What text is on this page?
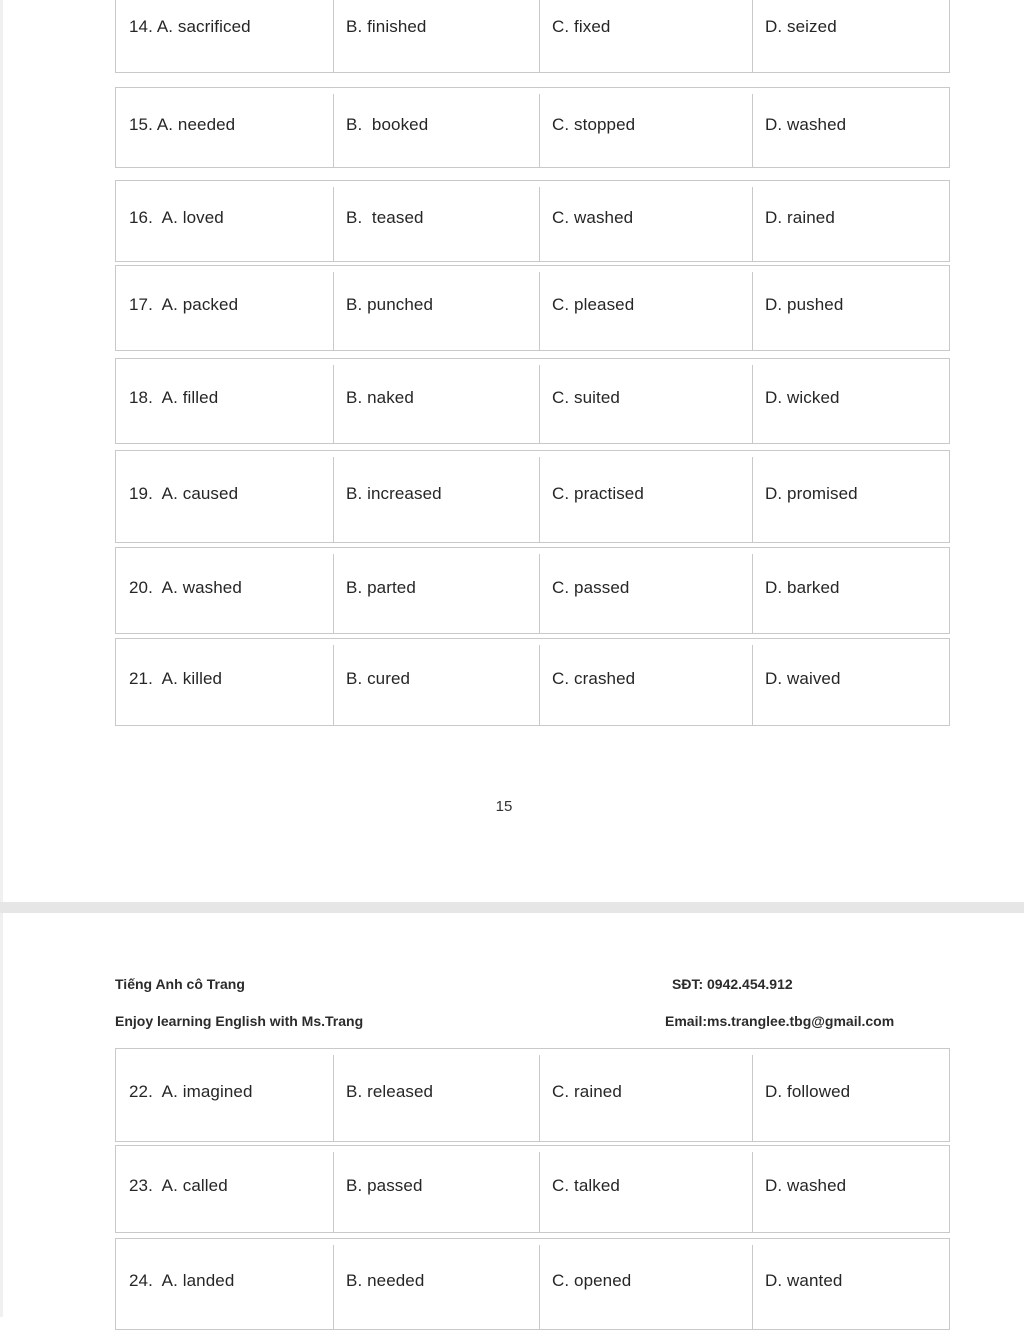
14. A. sacrificed	B. finished	C. fixed	D. seized
15. A. needed	B.  booked	C. stopped	D. washed
16.  A. loved	B.  teased	C. washed	D. rained
17.  A. packed	B. punched	C. pleased	D. pushed
18.  A. filled	B. naked	C. suited	D. wicked
19.  A. caused	B. increased	C. practised	D. promised
20.  A. washed	B. parted	C. passed	D. barked
21.  A. killed	B. cured	C. crashed	D. waived
15
Tiếng Anh cô Trang	SĐT: 0942.454.912
Enjoy learning English with Ms.Trang	Email:ms.tranglee.tbg@gmail.com
22.  A. imagined	B. released	C. rained	D. followed
23.  A. called	B. passed	C. talked	D. washed
24.  A. landed	B. needed	C. opened	D. wanted
